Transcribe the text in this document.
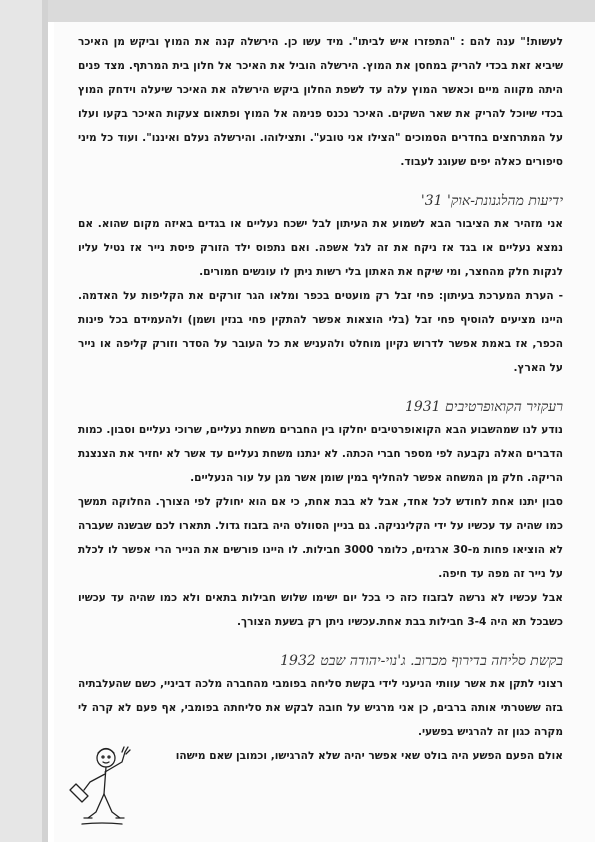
לעשות!" ענה להם : "התפזרו איש לביתו". מיד עשו כן. הירשלה קנה את המוץ וביקש מן האיכר שיביא זאת בכדי להריק במחסן את המוץ. הירשלה הוביל את האיכר אל חלון בית המרתף. מצד פנים היתה מקווה מיים וכאשר המוץ עלה עד לשפת החלון ביקש הירשלה את האיכר שיעלה וידחק המוץ בכדי שיוכל להריק את שאר השקים. האיכר נכנס פנימה אל המוץ ופתאום צעקות האיכר בקעו ועלו על המתרחצים בחדרים הסמוכים "הצילו אני טובע". ותצילוהו. והירשלה נעלם ואיננו". ועוד כל מיני סיפורים כאלה יפים שעוגנ לעבוד.

ידיעות מהלגנונת-אוק' 31'

אני מזהיר את הציבור הבא לשמוע את העיתון לבל ישכח נעליים או בגדים באיזה מקום שהוא. אם נמצא נעליים או בגד אז ניקח את זה לגל אשפה. ואם נתפוס ילד הזורק פיסת נייר אז נטיל עליו לנקות חלק מהחצר, ומי שיקח את האתון בלי רשות ניתן לו עונשים חמורים.

- הערת המערכת בעיתון: פחי זבל רק מועטים בכפר ומלאו הגר זורקים את הקליפות על האדמה. היינו מציעים להוסיף פחי זבל (בלי הוצאות אפשר להתקין פחי בנזין ושמן) ולהעמידם בכל פינות הכפר, אז באמת אפשר לדרוש נקיון מוחלט ולהעניש את כל העובר על הסדר וזורק קליפה או נייר על הארץ.

רעקזיר הקואופרטיבים 1931

נודע לנו שמהשבוע הבא הקואופרטיבים יחלקו בין החברים משחת נעליים, שרוכי נעליים וסבון. כמות הדברים האלה נקבעה לפי מספר חברי הכתה. לא ינתנו משחת נעליים עד אשר לא יחזיר את הצנצנת הריקה. חלק מן המשחה אפשר להחליף במין שומן אשר מגן על עור הנעליים.

סבון יתנו אחת לחודש לכל אחד, אבל לא בבת אחת, כי אם הוא יחולק לפי הצורך. החלוקה תמשך כמו שהיה עד עכשיו על ידי הקלינניקה. גם בניין הסוולט היה בזבוז גדול. תתארו לכם שבשנה שעברה לא הוציאו פחות מ-30 ארגזים, כלומר 3000 חבילות. לו היינו פורשים את הנייר הרי אפשר לו לכלת על נייר זה מפה עד חיפה.

אבל עכשיו לא נרשה לבזבוז כזה כי בכל יום ישימו שלוש חבילות בתאים ולא כמו שהיה עד עכשיו כשבכל תא היה 3-4 חבילות בבת אחת.עכשיו ניתן רק בשעת הצורך.

בקשת סליחה בדירוף מכרוב. ג'נוי-יהודה שבט 1932

רצוני לתקן את אשר עוותי הניעני לידי בקשת סליחה בפומבי מהחברה מלכה דביניי, כשם שהעלבתיה בזה ששטרתי אותה ברבים, כן אני מרגיש על חובה לבקש את סליחתה בפומבי, אף פעם לא קרה לי מקרה כגון זה להרגיש בפשעי.

אולם הפעם הפשע היה בולט שאי אפשר יהיה שלא להרגישו, וכמובן שאם מישהו
